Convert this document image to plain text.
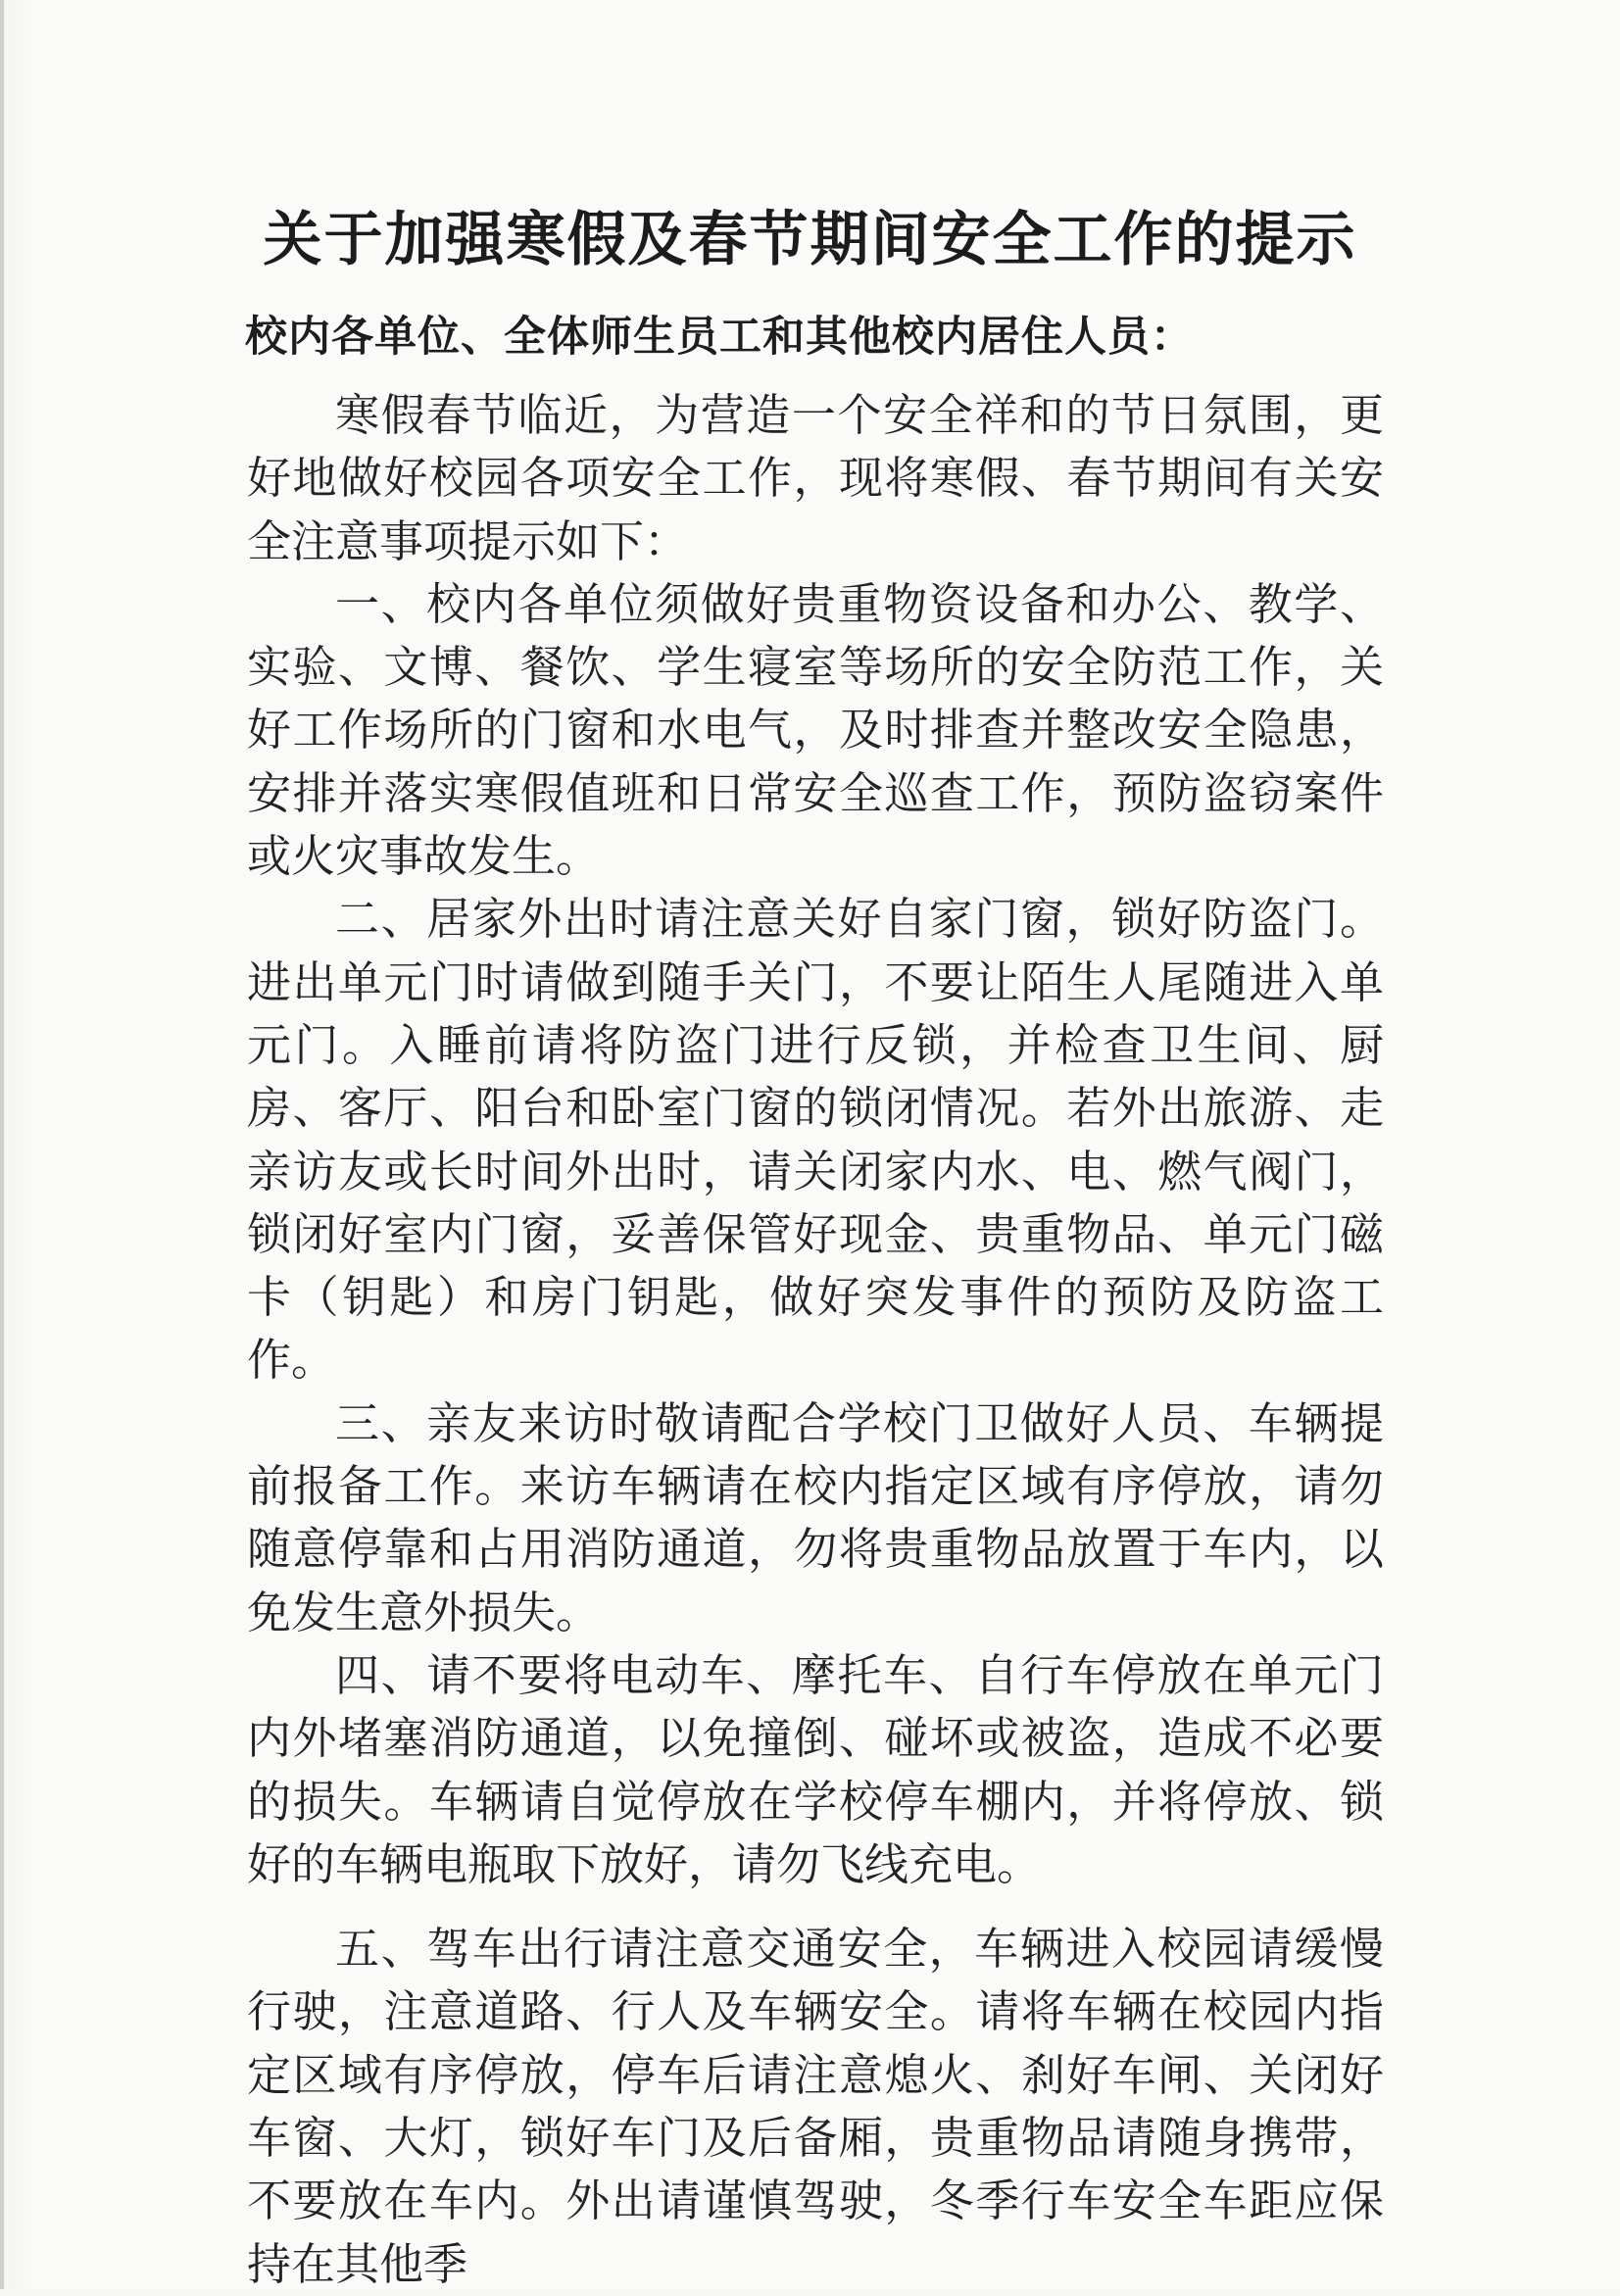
关于加强寒假及春节期间安全工作的提示

校内各单位、全体师生员工和其他校内居住人员：

寒假春节临近，为营造一个安全祥和的节日氛围，更好地做好校园各项安全工作，现将寒假、春节期间有关安全注意事项提示如下：

一、校内各单位须做好贵重物资设备和办公、教学、实验、文博、餐饮、学生寝室等场所的安全防范工作，关好工作场所的门窗和水电气，及时排查并整改安全隐患，安排并落实寒假值班和日常安全巡查工作，预防盗窃案件或火灾事故发生。

二、居家外出时请注意关好自家门窗，锁好防盗门。进出单元门时请做到随手关门，不要让陌生人尾随进入单元门。入睡前请将防盗门进行反锁，并检查卫生间、厨房、客厅、阳台和卧室门窗的锁闭情况。若外出旅游、走亲访友或长时间外出时，请关闭家内水、电、燃气阀门，锁闭好室内门窗，妥善保管好现金、贵重物品、单元门磁卡（钥匙）和房门钥匙，做好突发事件的预防及防盗工作。

三、亲友来访时敬请配合学校门卫做好人员、车辆提前报备工作。来访车辆请在校内指定区域有序停放，请勿随意停靠和占用消防通道，勿将贵重物品放置于车内，以免发生意外损失。

四、请不要将电动车、摩托车、自行车停放在单元门内外堵塞消防通道，以免撞倒、碰坏或被盗，造成不必要的损失。车辆请自觉停放在学校停车棚内，并将停放、锁好的车辆电瓶取下放好，请勿飞线充电。

五、驾车出行请注意交通安全，车辆进入校园请缓慢行驶，注意道路、行人及车辆安全。请将车辆在校园内指定区域有序停放，停车后请注意熄火、刹好车闸、关闭好车窗、大灯，锁好车门及后备厢，贵重物品请随身携带，不要放在车内。外出请谨慎驾驶，冬季行车安全车距应保持在其他季
